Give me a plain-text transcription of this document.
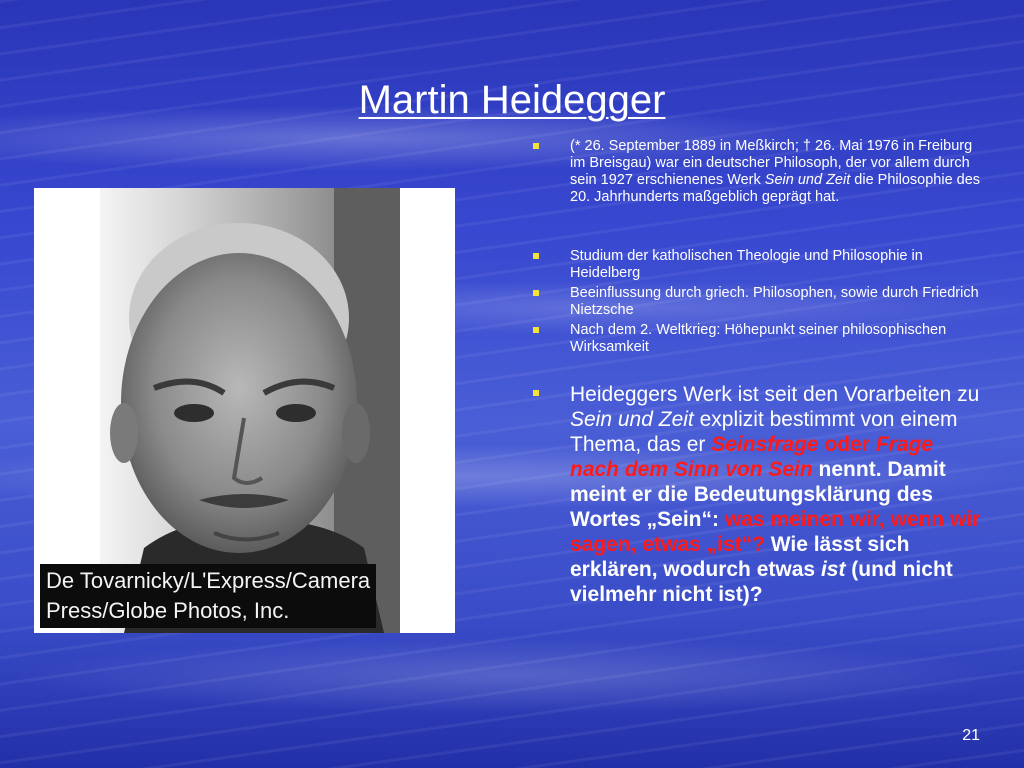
Martin Heidegger
De Tovarnicky/L'Express/Camera
Press/Globe Photos, Inc.
(* 26. September 1889 in Meßkirch; † 26. Mai 1976 in Freiburg im Breisgau) war ein deutscher Philosoph, der vor allem durch sein 1927 erschienenes Werk Sein und Zeit die Philosophie des 20. Jahrhunderts maßgeblich geprägt hat.
Studium der katholischen Theologie und Philosophie in Heidelberg
Beeinflussung durch griech. Philosophen, sowie durch Friedrich Nietzsche
Nach dem 2. Weltkrieg: Höhepunkt seiner philosophischen Wirksamkeit
Heideggers Werk ist seit den Vorarbeiten zu Sein und Zeit explizit bestimmt von einem Thema, das er Seinsfrage oder Frage nach dem Sinn von Sein nennt. Damit meint er die Bedeutungsklärung des Wortes „Sein“: was meinen wir, wenn wir sagen, etwas „ist“? Wie lässt sich erklären, wodurch etwas ist (und nicht vielmehr nicht ist)?
21
